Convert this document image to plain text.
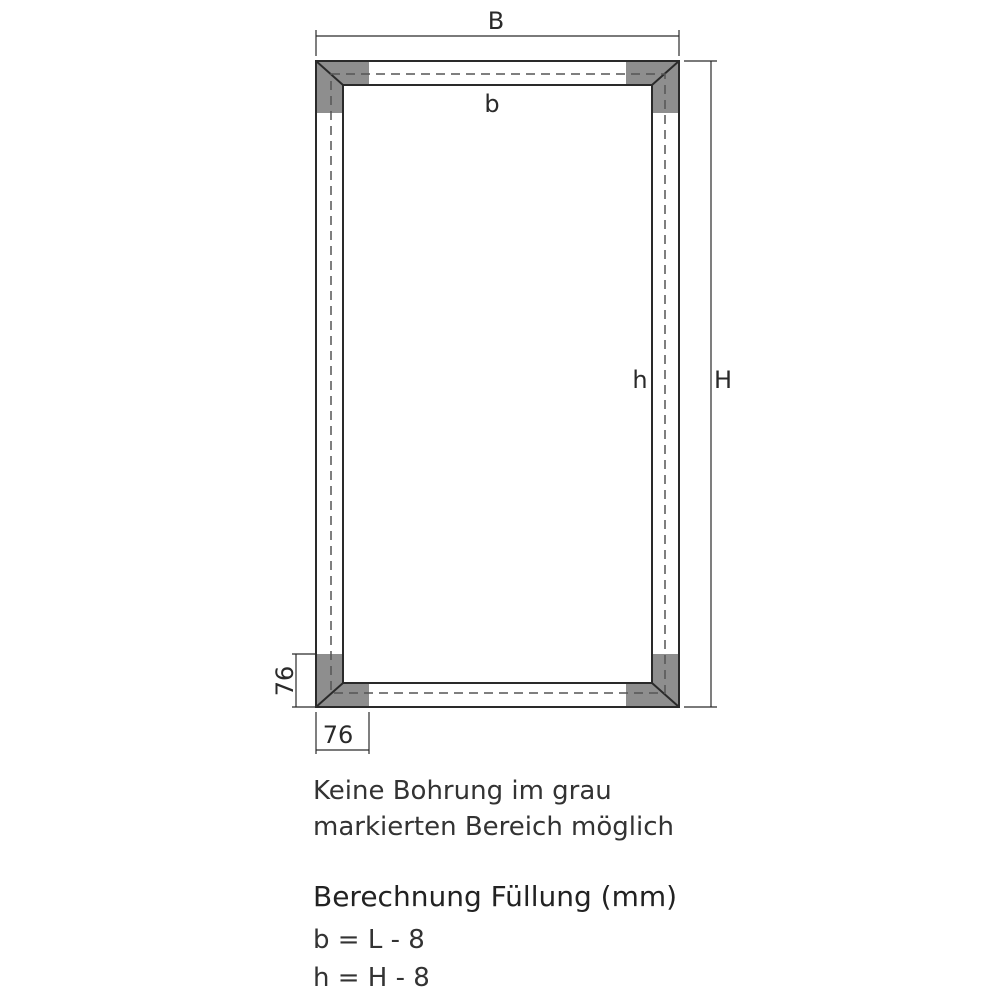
B
b
h	H
76
76
Keine Bohrung im grau
markierten Bereich möglich
Berechnung Füllung (mm)
b = L - 8
h = H - 8
